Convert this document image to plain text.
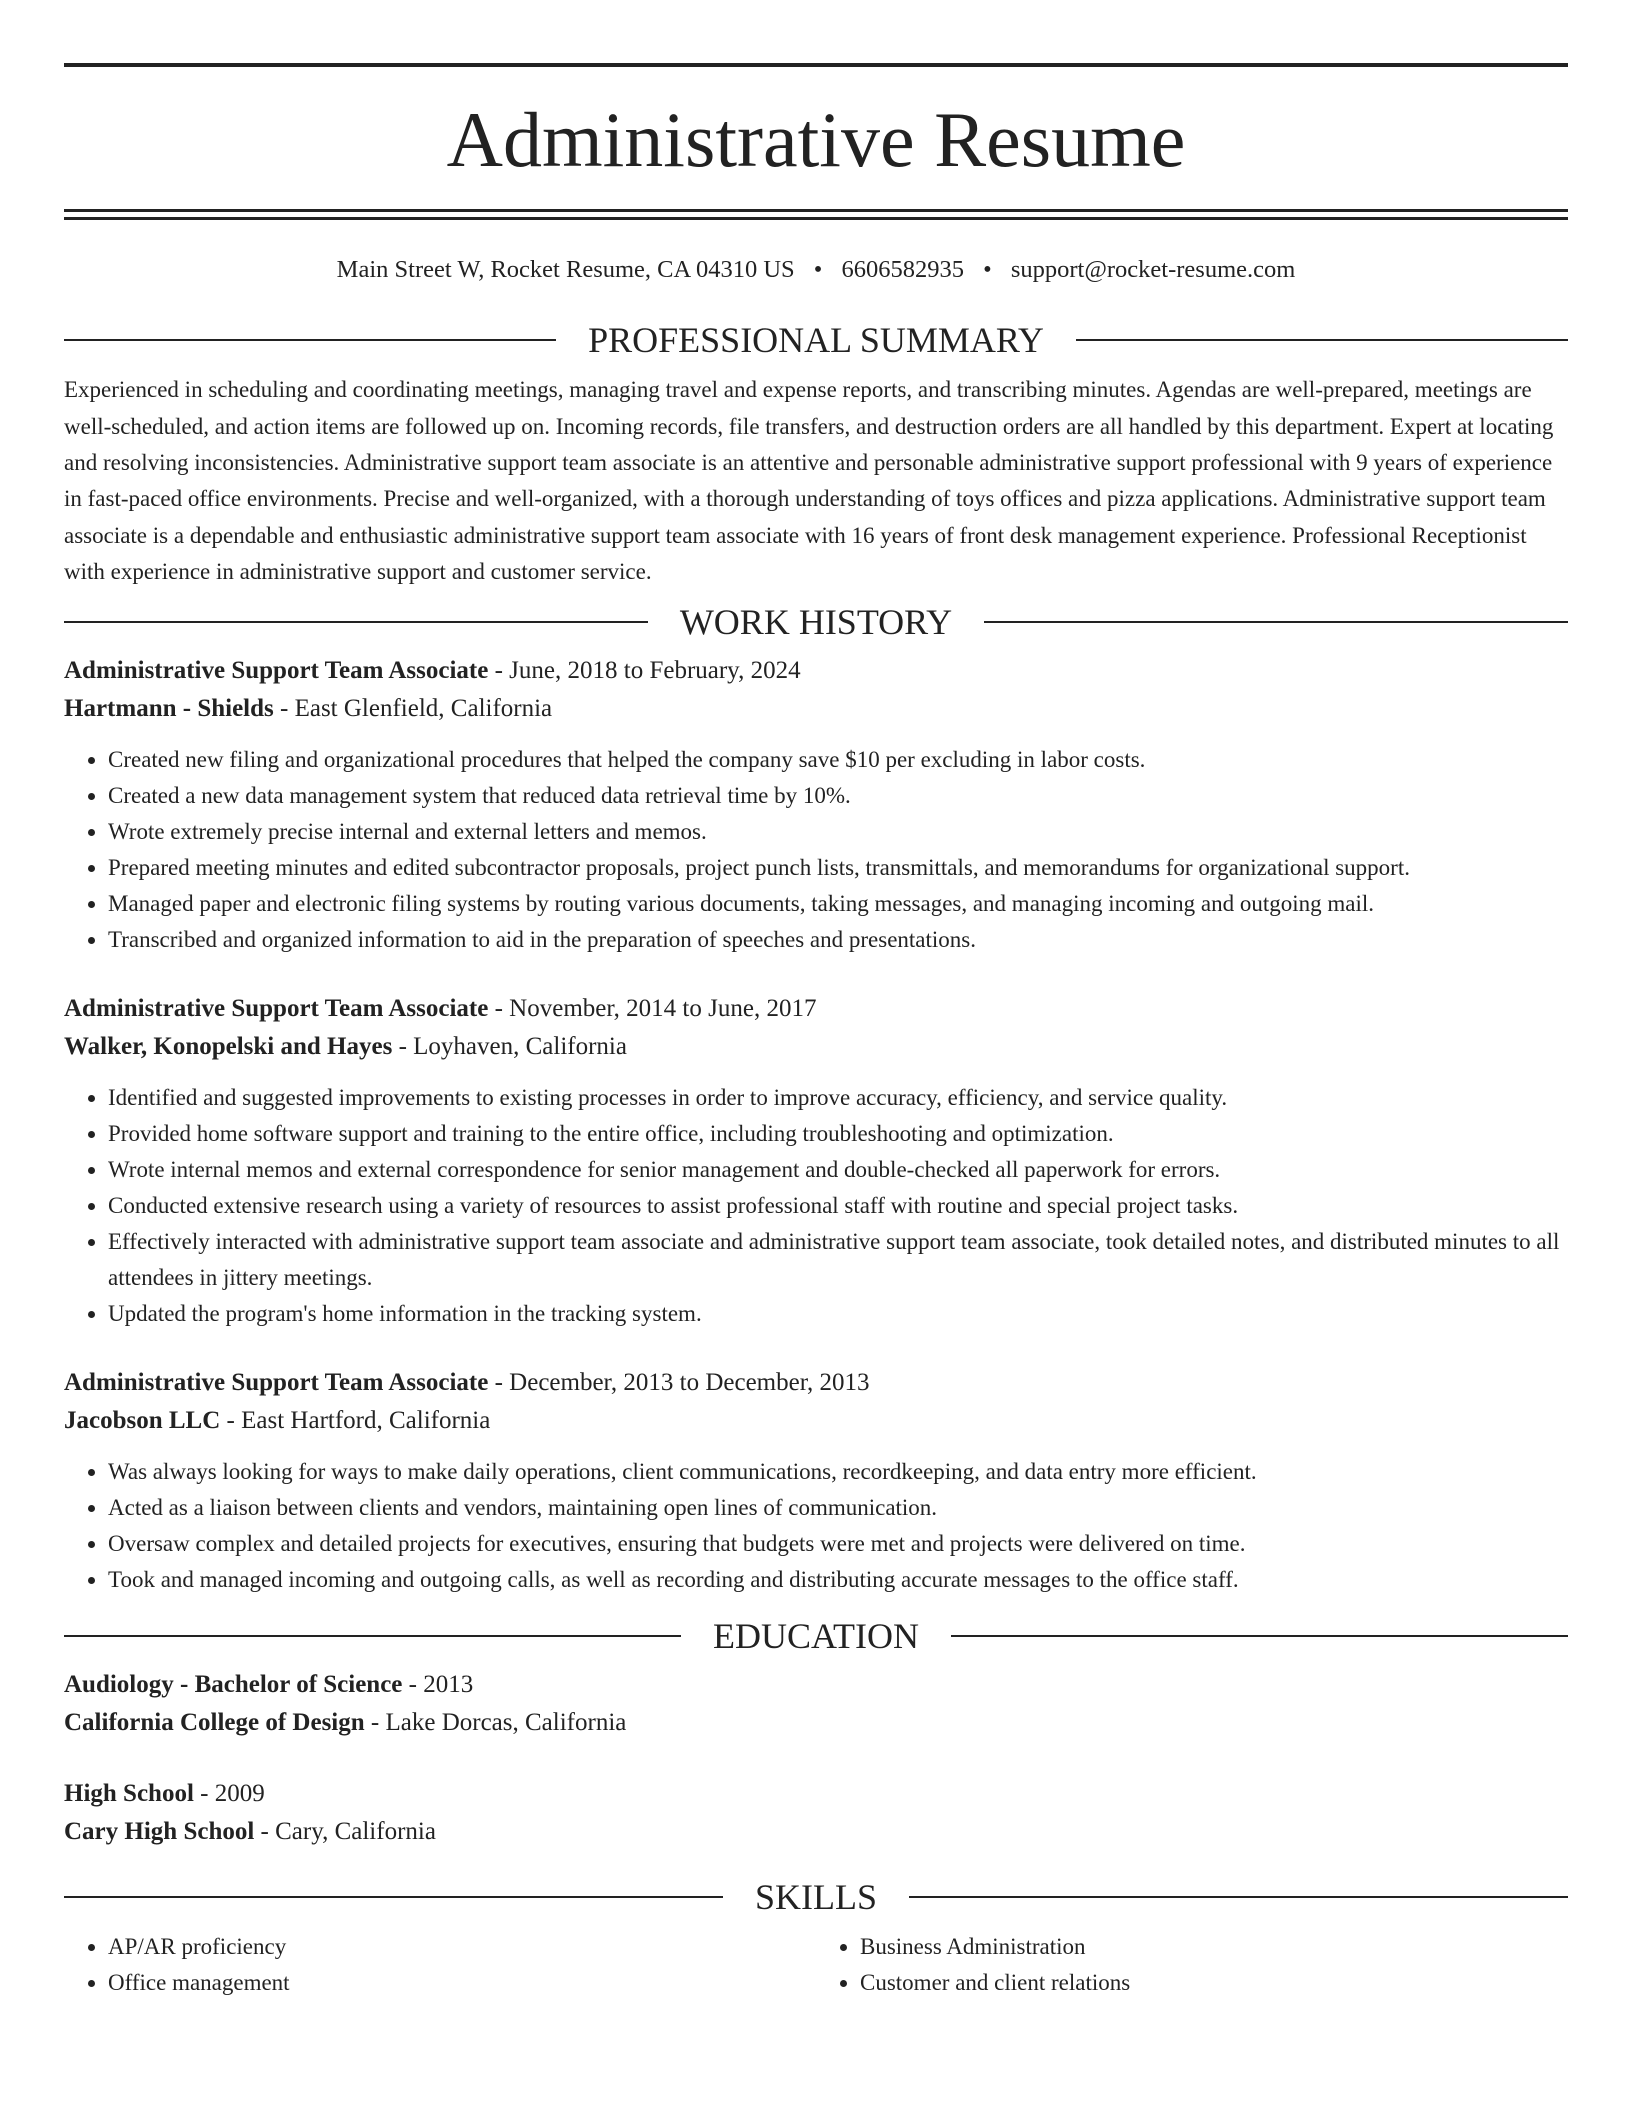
Administrative Resume
Main Street W, Rocket Resume, CA 04310 US • 6606582935 • support@rocket-resume.com
PROFESSIONAL SUMMARY

Experienced in scheduling and coordinating meetings, managing travel and expense reports, and transcribing minutes. Agendas are well-prepared, meetings are well-scheduled, and action items are followed up on. Incoming records, file transfers, and destruction orders are all handled by this department. Expert at locating and resolving inconsistencies. Administrative support team associate is an attentive and personable administrative support professional with 9 years of experience in fast-paced office environments. Precise and well-organized, with a thorough understanding of toys offices and pizza applications. Administrative support team associate is a dependable and enthusiastic administrative support team associate with 16 years of front desk management experience. Professional Receptionist with experience in administrative support and customer service.

WORK HISTORY
Administrative Support Team Associate - June, 2018 to February, 2024
Hartmann - Shields - East Glenfield, California
• Created new filing and organizational procedures that helped the company save $10 per excluding in labor costs.
• Created a new data management system that reduced data retrieval time by 10%.
• Wrote extremely precise internal and external letters and memos.
• Prepared meeting minutes and edited subcontractor proposals, project punch lists, transmittals, and memorandums for organizational support.
• Managed paper and electronic filing systems by routing various documents, taking messages, and managing incoming and outgoing mail.
• Transcribed and organized information to aid in the preparation of speeches and presentations.
Administrative Support Team Associate - November, 2014 to June, 2017
Walker, Konopelski and Hayes - Loyhaven, California
• Identified and suggested improvements to existing processes in order to improve accuracy, efficiency, and service quality.
• Provided home software support and training to the entire office, including troubleshooting and optimization.
• Wrote internal memos and external correspondence for senior management and double-checked all paperwork for errors.
• Conducted extensive research using a variety of resources to assist professional staff with routine and special project tasks.
• Effectively interacted with administrative support team associate and administrative support team associate, took detailed notes, and distributed minutes to all attendees in jittery meetings.
• Updated the program's home information in the tracking system.
Administrative Support Team Associate - December, 2013 to December, 2013
Jacobson LLC - East Hartford, California
• Was always looking for ways to make daily operations, client communications, recordkeeping, and data entry more efficient.
• Acted as a liaison between clients and vendors, maintaining open lines of communication.
• Oversaw complex and detailed projects for executives, ensuring that budgets were met and projects were delivered on time.
• Took and managed incoming and outgoing calls, as well as recording and distributing accurate messages to the office staff.
EDUCATION
Audiology - Bachelor of Science - 2013
California College of Design - Lake Dorcas, California
High School - 2009
Cary High School - Cary, California
SKILLS
• AP/AR proficiency
• Office management
• Business Administration
• Customer and client relations
